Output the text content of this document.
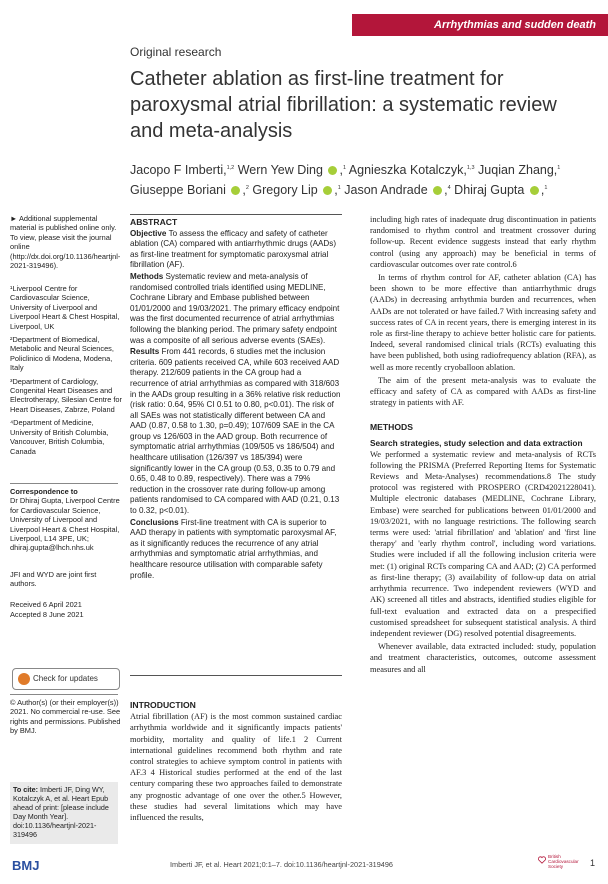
Arrhythmias and sudden death
Original research
Catheter ablation as first-line treatment for paroxysmal atrial fibrillation: a systematic review and meta-analysis
Jacopo F Imberti,$^{1,2}$ Wern Yew Ding ,$^1$ Agnieszka Kotalczyk,$^{1,3}$ Juqian Zhang,$^1$
Giuseppe Boriani ,$^2$ Gregory Lip ,$^1$ Jason Andrade ,$^4$ Dhiraj Gupta ,$^1$
► Additional supplemental material is published online only. To view, please visit the journal online (http://dx.doi.org/10.1136/heartjnl-2021-319496).

¹Liverpool Centre for Cardiovascular Science, University of Liverpool and Liverpool Heart & Chest Hospital, Liverpool, UK

²Department of Biomedical, Metabolic and Neural Sciences, Policlinico di Modena, Modena, Italy

³Department of Cardiology, Congenital Heart Diseases and Electrotherapy, Silesian Centre for Heart Diseases, Zabrze, Poland

⁴Department of Medicine, University of British Columbia, Vancouver, British Columbia, Canada

Correspondence to
Dr Dhiraj Gupta, Liverpool Centre for Cardiovascular Science, University of Liverpool and Liverpool Heart & Chest Hospital, Liverpool, L14 3PE, UK; dhiraj.gupta@lhch.nhs.uk
JFI and WYD are joint first authors.
Received 6 April 2021
Accepted 8 June 2021
Check for updates
© Author(s) (or their employer(s)) 2021. No commercial re-use. See rights and permissions. Published by BMJ.
To cite: Imberti JF, Ding WY, Kotalczyk A, et al. Heart Epub ahead of print: [please include Day Month Year]. doi:10.1136/heartjnl-2021-319496
ABSTRACT

Objective To assess the efficacy and safety of catheter ablation (CA) compared with antiarrhythmic drugs (AADs) as first-line treatment for symptomatic paroxysmal atrial fibrillation (AF).

Methods Systematic review and meta-analysis of randomised controlled trials identified using MEDLINE, Cochrane Library and Embase published between 01/01/2000 and 19/03/2021. The primary efficacy endpoint was the first documented recurrence of atrial arrhythmias following the blanking period. The primary safety endpoint was a composite of all serious adverse events (SAEs).

Results From 441 records, 6 studies met the inclusion criteria. 609 patients received CA, while 603 received AAD therapy. 212/609 patients in the CA group had a recurrence of atrial arrhythmias as compared with 318/603 in the AADs group resulting in a 36% relative risk reduction (risk ratio: 0.64, 95% CI 0.51 to 0.80, p<0.01). The risk of all SAEs was not statistically different between CA and AAD (0.87, 0.58 to 1.30, p=0.49); 107/609 SAE in the CA group vs 126/603 in the AAD group. Both recurrence of symptomatic atrial arrhythmias (109/505 vs 186/504) and healthcare utilisation (126/397 vs 185/394) were significantly lower in the CA group (0.53, 0.35 to 0.79 and 0.65, 0.48 to 0.89, respectively). There was a 79% reduction in the crossover rate during follow-up among patients randomised to CA compared with AAD (0.21, 0.13 to 0.32, p<0.01).

Conclusions First-line treatment with CA is superior to AAD therapy in patients with symptomatic paroxysmal AF, as it significantly reduces the recurrence of any atrial arrhythmias and symptomatic atrial arrhythmias, and healthcare resource utilisation with comparable safety profile.

INTRODUCTION

Atrial fibrillation (AF) is the most common sustained cardiac arrhythmia worldwide and it significantly impacts patients' morbidity, mortality and quality of life.1 2 Current international guidelines recommend both rhythm and rate control strategies to achieve symptom control in patients with AF.3 4 Historical studies performed at the end of the last century comparing these two approaches failed to demonstrate any prognostic advantage of one over the other.5 However, these studies had several limitations which may have influenced the results,

including high rates of inadequate drug discontinuation in patients randomised to rhythm control and treatment crossover during follow-up. Recent evidence suggests instead that early rhythm control (using any approach) may be beneficial in terms of cardiovascular outcomes over rate control.6

In terms of rhythm control for AF, catheter ablation (CA) has been shown to be more effective than antiarrhythmic drugs (AADs) in decreasing arrhythmia burden and recurrences, when AADs are not tolerated or have failed.7 With increasing safety and success rates of CA in recent years, there is emerging interest in its role as first-line therapy to achieve better holistic care for patients. Indeed, several randomised clinical trials (RCTs) evaluating this have been published, both using radiofrequency ablation (RFA), as well as more recently cryoballoon ablation.

The aim of the present meta-analysis was to evaluate the efficacy and safety of CA as compared with AADs as first-line strategy in patients with AF.

METHODS
Search strategies, study selection and data extraction

We performed a systematic review and meta-analysis of RCTs following the PRISMA (Preferred Reporting Items for Systematic Reviews and Meta-Analyses) recommendations.8 The study protocol was registered with PROSPERO (CRD42021228041). Multiple electronic databases (MEDLINE, Cochrane Library, Embase) were searched for publications between 01/01/2000 and 19/03/2021, with no language restrictions. The following search terms were used: 'atrial fibrillation' and 'ablation' and 'first line therapy' and 'early rhythm control', including word variations. Studies were included if all the following inclusion criteria were met: (1) original RCTs comparing CA and AAD; (2) CA performed as first-line therapy; (3) availability of follow-up data on atrial arrhythmia recurrence. Two independent reviewers (WYD and AK) screened all titles and abstracts, identified studies eligible for full-text evaluation and extracted data on a prespecified customised spreadsheet for subsequent statistical analysis. A third independent reviewer (DG) resolved potential disagreements.

Whenever available, data extracted included: study, population and treatment characteristics, outcomes, outcome assessment measures and all

BMJ	Imberti JF, et al. Heart 2021;0:1–7. doi:10.1136/heartjnl-2021-319496
British Cardiovascular Society	1
